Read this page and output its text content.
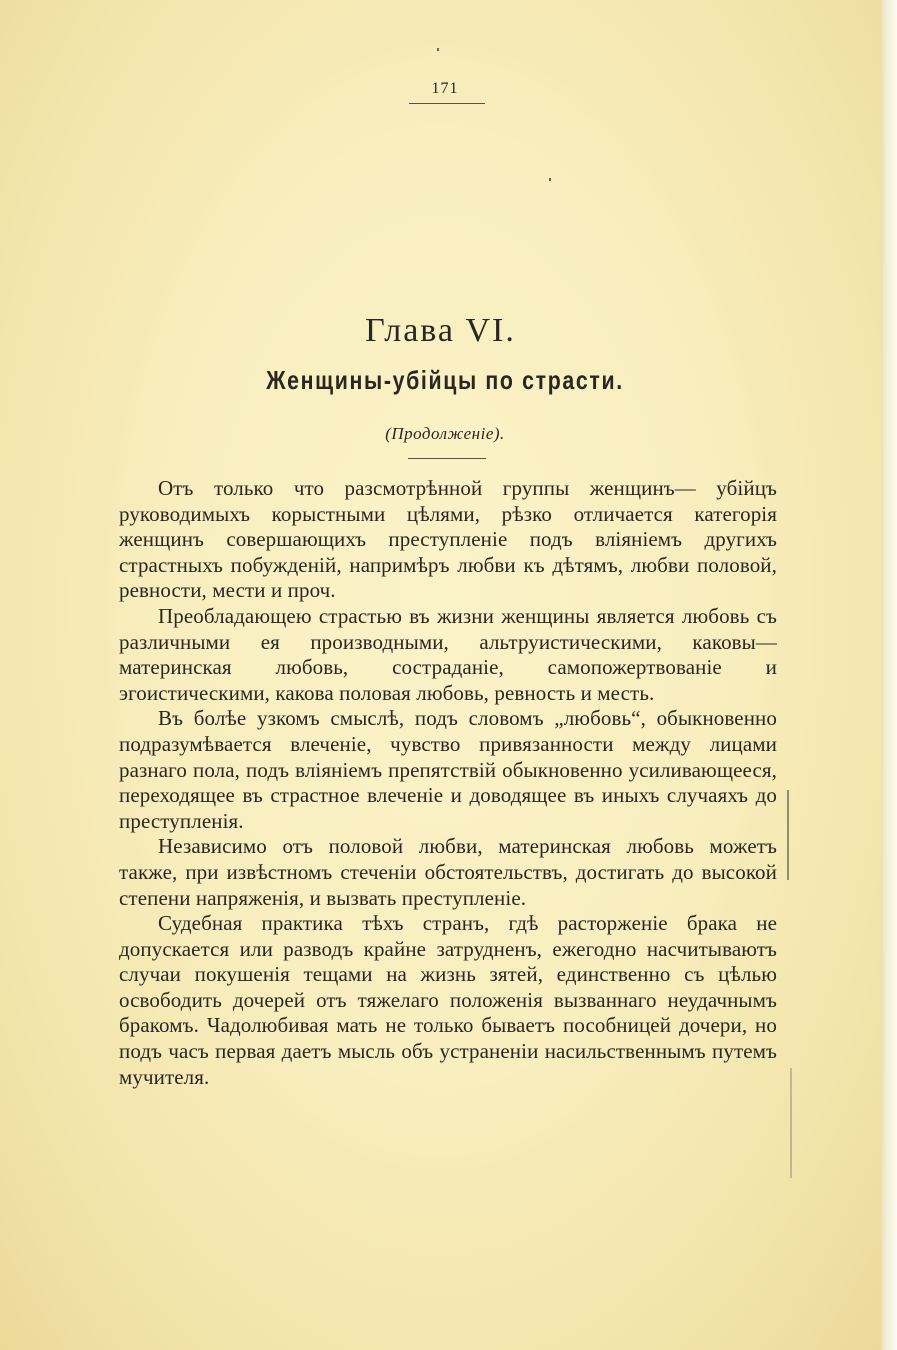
171
Глава VI.
Женщины-убійцы по страсти.
(Продолженіе).

Отъ только что разсмотрѣнной группы женщинъ— убійцъ руководимыхъ корыстными цѣлями, рѣзко отличается категорія женщинъ совершающихъ преступленіе подъ вліяніемъ другихъ страстныхъ побужденій, напримѣръ любви къ дѣтямъ, любви половой, ревности, мести и проч.

Преобладающею страстью въ жизни женщины является любовь съ различными ея производными, альтруистическими, каковы—материнская любовь, состраданіе, самопожертвованіе и эгоистическими, какова половая любовь, ревность и месть.

Въ болѣе узкомъ смыслѣ, подъ словомъ „любовь“, обыкновенно подразумѣвается влеченіе, чувство привязанности между лицами разнаго пола, подъ вліяніемъ препятствій обыкновенно усиливающееся, переходящее въ страстное влеченіе и доводящее въ иныхъ случаяхъ до преступленія.

Независимо отъ половой любви, материнская любовь можетъ также, при извѣстномъ стеченіи обстоятельствъ, достигать до высокой степени напряженія, и вызвать преступленіе.

Судебная практика тѣхъ странъ, гдѣ расторженіе брака не допускается или разводъ крайне затрудненъ, ежегодно насчитываютъ случаи покушенія тещами на жизнь зятей, единственно съ цѣлью освободить дочерей отъ тяжелаго положенія вызваннаго неудачнымъ бракомъ. Чадолюбивая мать не только бываетъ пособницей дочери, но подъ часъ первая даетъ мысль объ устраненіи насильственнымъ путемъ мучителя.
